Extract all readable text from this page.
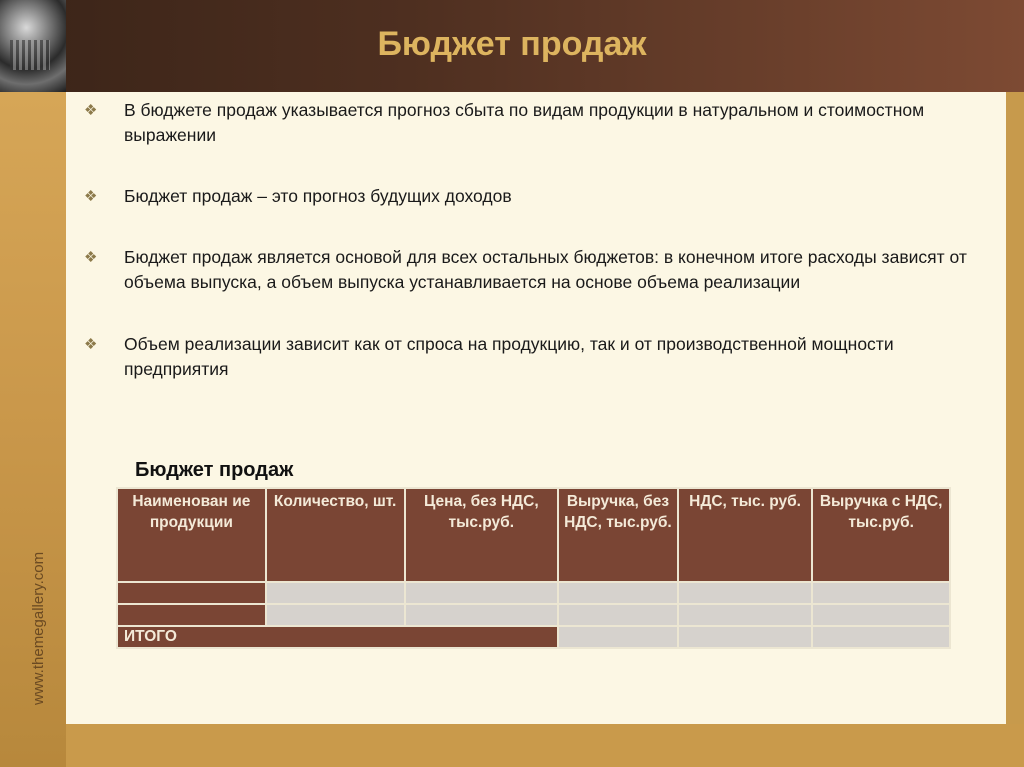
Бюджет продаж
www.themegallery.com
❖ В бюджете продаж указывается прогноз сбыта по видам продукции в натуральном и стоимостном выражении
❖ Бюджет продаж – это прогноз будущих доходов
❖ Бюджет продаж является основой для всех остальных бюджетов: в конечном итоге расходы зависят от объема выпуска, а объем выпуска устанавливается на основе объема реализации
❖ Объем реализации зависит как от спроса на продукцию, так и от производственной мощности предприятия
Бюджет продаж
Наименован ие продукции	Количество, шт.	Цена, без НДС, тыс.руб.	Выручка, без НДС, тыс.руб.	НДС, тыс. руб.	Выручка с НДС, тыс.руб.

ИТОГО					
